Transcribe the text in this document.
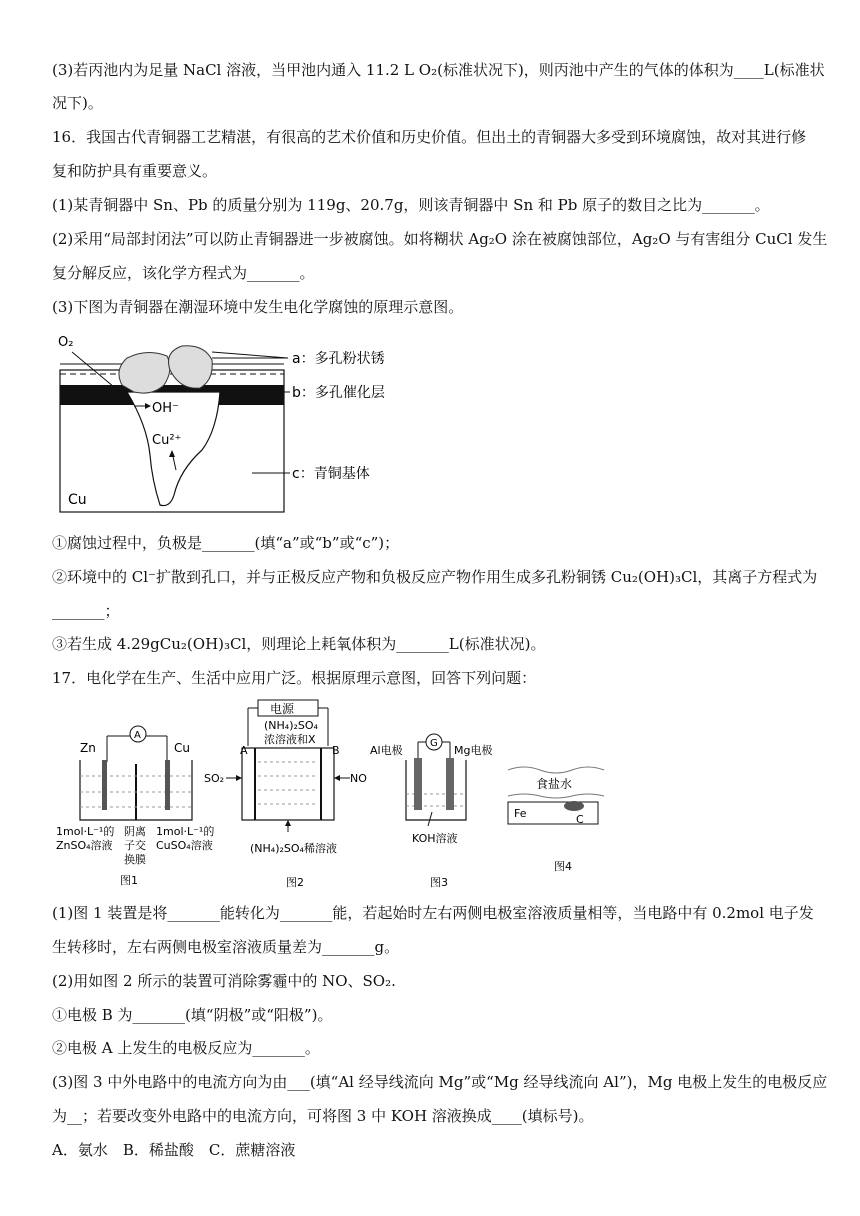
(3)若丙池内为足量 NaCl 溶液，当甲池内通入 11.2 L O₂(标准状况下)，则丙池中产生的气体的体积为____L(标准状
况下)。
16．我国古代青铜器工艺精湛，有很高的艺术价值和历史价值。但出土的青铜器大多受到环境腐蚀，故对其进行修
复和防护具有重要意义。
(1)某青铜器中 Sn、Pb 的质量分别为 119g、20.7g，则该青铜器中 Sn 和 Pb 原子的数目之比为_______。
(2)采用“局部封闭法”可以防止青铜器进一步被腐蚀。如将糊状 Ag₂O 涂在被腐蚀部位，Ag₂O 与有害组分 CuCl 发生
复分解反应，该化学方程式为_______。
(3)下图为青铜器在潮湿环境中发生电化学腐蚀的原理示意图。
O₂
OH⁻
Cu²⁺
Cu
a：多孔粉状锈
b：多孔催化层
c：青铜基体
①腐蚀过程中，负极是_______(填“a”或“b”或“c”)；
②环境中的 Cl⁻扩散到孔口，并与正极反应产物和负极反应产物作用生成多孔粉铜锈 Cu₂(OH)₃Cl，其离子方程式为
_______；
③若生成 4.29gCu₂(OH)₃Cl，则理论上耗氧体积为_______L(标准状况)。
17．电化学在生产、生活中应用广泛。根据原理示意图，回答下列问题：
Zn	Cu
A
1mol·L⁻¹的
ZnSO₄溶液
阴离
子交
换膜
1mol·L⁻¹的
CuSO₄溶液
图1
电源
(NH₄)₂SO₄
浓溶液和X
A	B
SO₂	NO
(NH₄)₂SO₄稀溶液
图2
Al电极	Mg电极
G
KOH溶液
图3
食盐水
Fe	C
图4
(1)图 1 装置是将_______能转化为_______能，若起始时左右两侧电极室溶液质量相等，当电路中有 0.2mol 电子发
生转移时，左右两侧电极室溶液质量差为_______g。
(2)用如图 2 所示的装置可消除雾霾中的 NO、SO₂.
①电极 B 为_______(填“阴极”或“阳极”)。
②电极 A 上发生的电极反应为_______。
(3)图 3 中外电路中的电流方向为由___(填“Al 经导线流向 Mg”或“Mg 经导线流向 Al”)，Mg 电极上发生的电极反应
为__；若要改变外电路中的电流方向，可将图 3 中 KOH 溶液换成____(填标号)。
A．氨水　B．稀盐酸　C．蔗糖溶液
